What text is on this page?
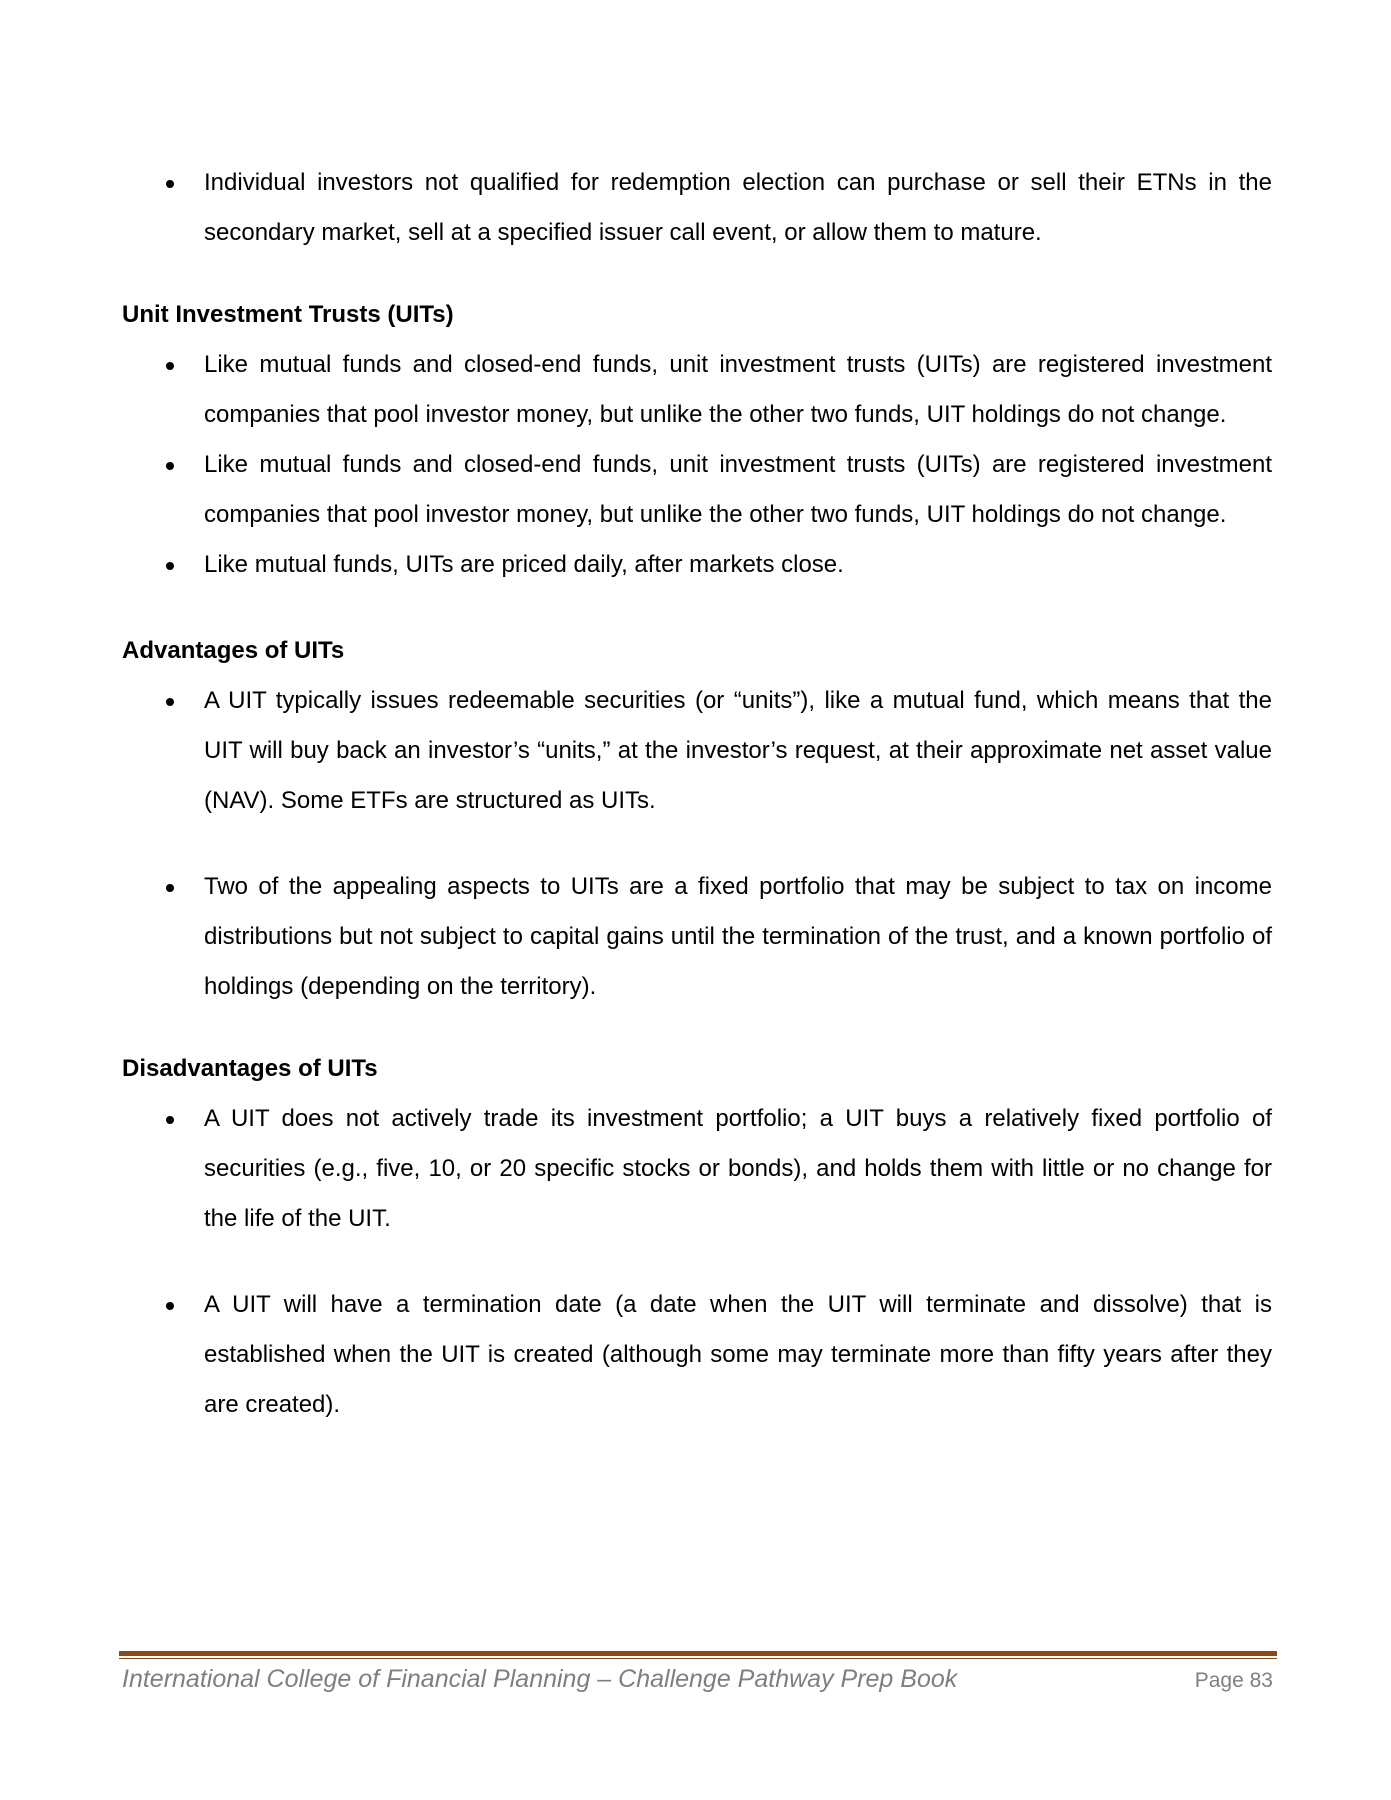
Individual investors not qualified for redemption election can purchase or sell their ETNs in the secondary market, sell at a specified issuer call event, or allow them to mature.
Unit Investment Trusts (UITs)
Like mutual funds and closed-end funds, unit investment trusts (UITs) are registered investment companies that pool investor money, but unlike the other two funds, UIT holdings do not change.
Like mutual funds and closed-end funds, unit investment trusts (UITs) are registered investment companies that pool investor money, but unlike the other two funds, UIT holdings do not change.
Like mutual funds, UITs are priced daily, after markets close.
Advantages of UITs
A UIT typically issues redeemable securities (or “units”), like a mutual fund, which means that the UIT will buy back an investor’s “units,” at the investor’s request, at their approximate net asset value (NAV). Some ETFs are structured as UITs.
Two of the appealing aspects to UITs are a fixed portfolio that may be subject to tax on income distributions but not subject to capital gains until the termination of the trust, and a known portfolio of holdings (depending on the territory).
Disadvantages of UITs
A UIT does not actively trade its investment portfolio; a UIT buys a relatively fixed portfolio of securities (e.g., five, 10, or 20 specific stocks or bonds), and holds them with little or no change for the life of the UIT.
A UIT will have a termination date (a date when the UIT will terminate and dissolve) that is established when the UIT is created (although some may terminate more than fifty years after they are created).
International College of Financial Planning – Challenge Pathway Prep Book	Page 83
